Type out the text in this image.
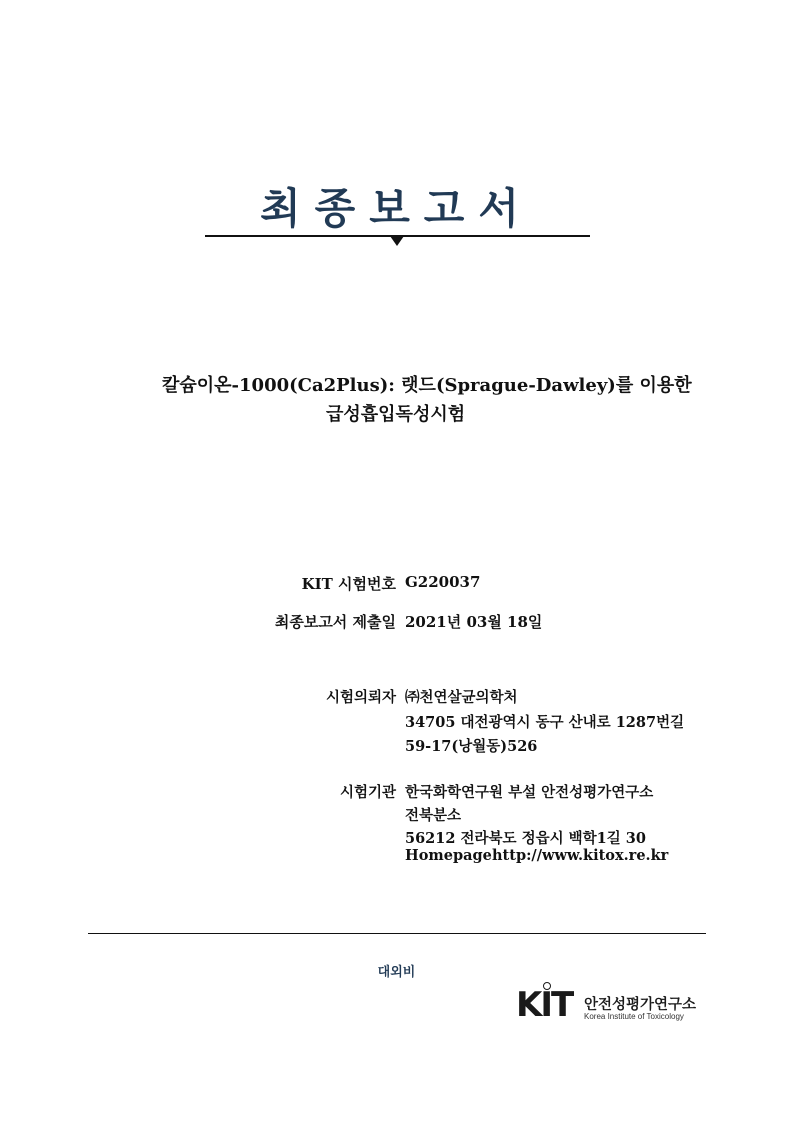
최종보고서
칼슘이온-1000(Ca2Plus): 랫드(Sprague-Dawley)를 이용한
급성흡입독성시험
KIT 시험번호 G220037
최종보고서 제출일 2021년 03월 18일
시험의뢰자 ㈜천연살균의학처
34705 대전광역시 동구 산내로 1287번길
59-17(낭월동)526
시험기관 한국화학연구원 부설 안전성평가연구소
전북분소
56212 전라북도 정읍시 백학1길 30
Homepage http://www.kitox.re.kr
대외비
KIT 안전성평가연구소
Korea Institute of Toxicology
